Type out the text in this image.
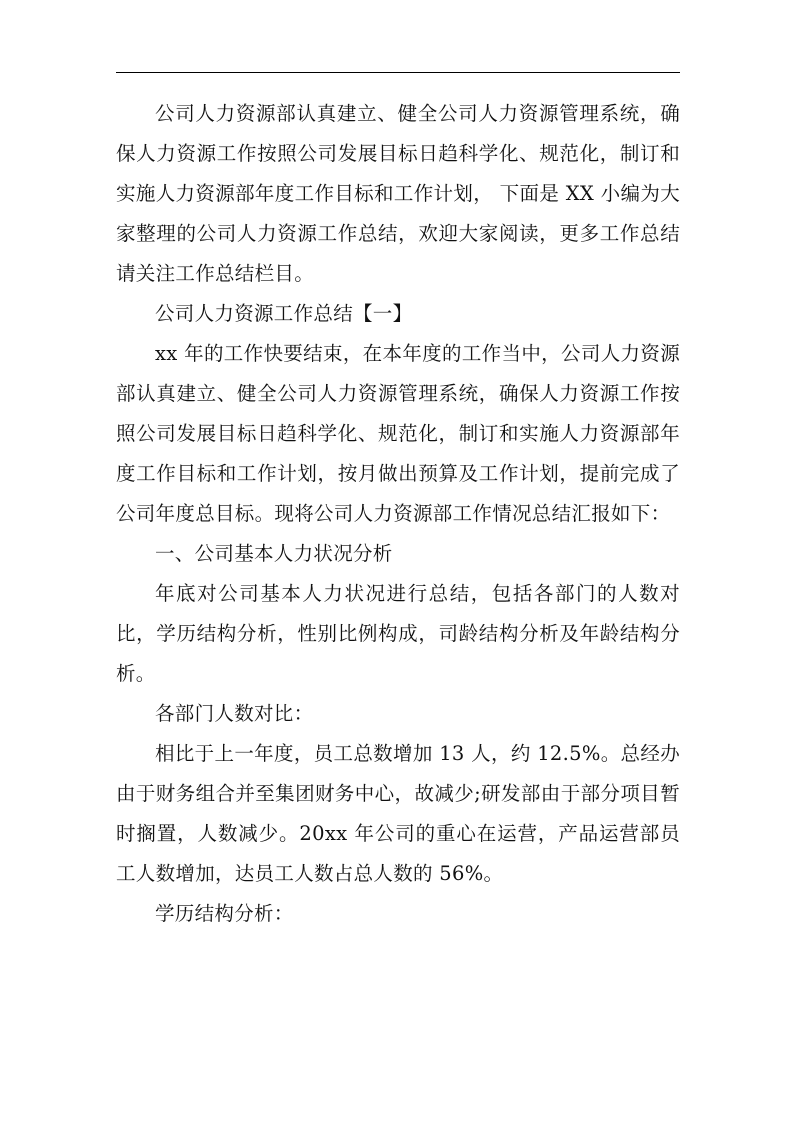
公司人力资源部认真建立、健全公司人力资源管理系统，确保人力资源工作按照公司发展目标日趋科学化、规范化，制订和实施人力资源部年度工作目标和工作计划， 下面是 XX 小编为大家整理的公司人力资源工作总结，欢迎大家阅读，更多工作总结请关注工作总结栏目。

公司人力资源工作总结【一】

xx 年的工作快要结束，在本年度的工作当中，公司人力资源部认真建立、健全公司人力资源管理系统，确保人力资源工作按照公司发展目标日趋科学化、规范化，制订和实施人力资源部年度工作目标和工作计划，按月做出预算及工作计划，提前完成了公司年度总目标。现将公司人力资源部工作情况总结汇报如下：

一、公司基本人力状况分析

年底对公司基本人力状况进行总结，包括各部门的人数对比，学历结构分析，性别比例构成，司龄结构分析及年龄结构分析。

各部门人数对比：

相比于上一年度，员工总数增加 13 人，约 12.5%。总经办由于财务组合并至集团财务中心，故减少;研发部由于部分项目暂时搁置，人数减少。20xx 年公司的重心在运营，产品运营部员工人数增加，达员工人数占总人数的 56%。

学历结构分析：
